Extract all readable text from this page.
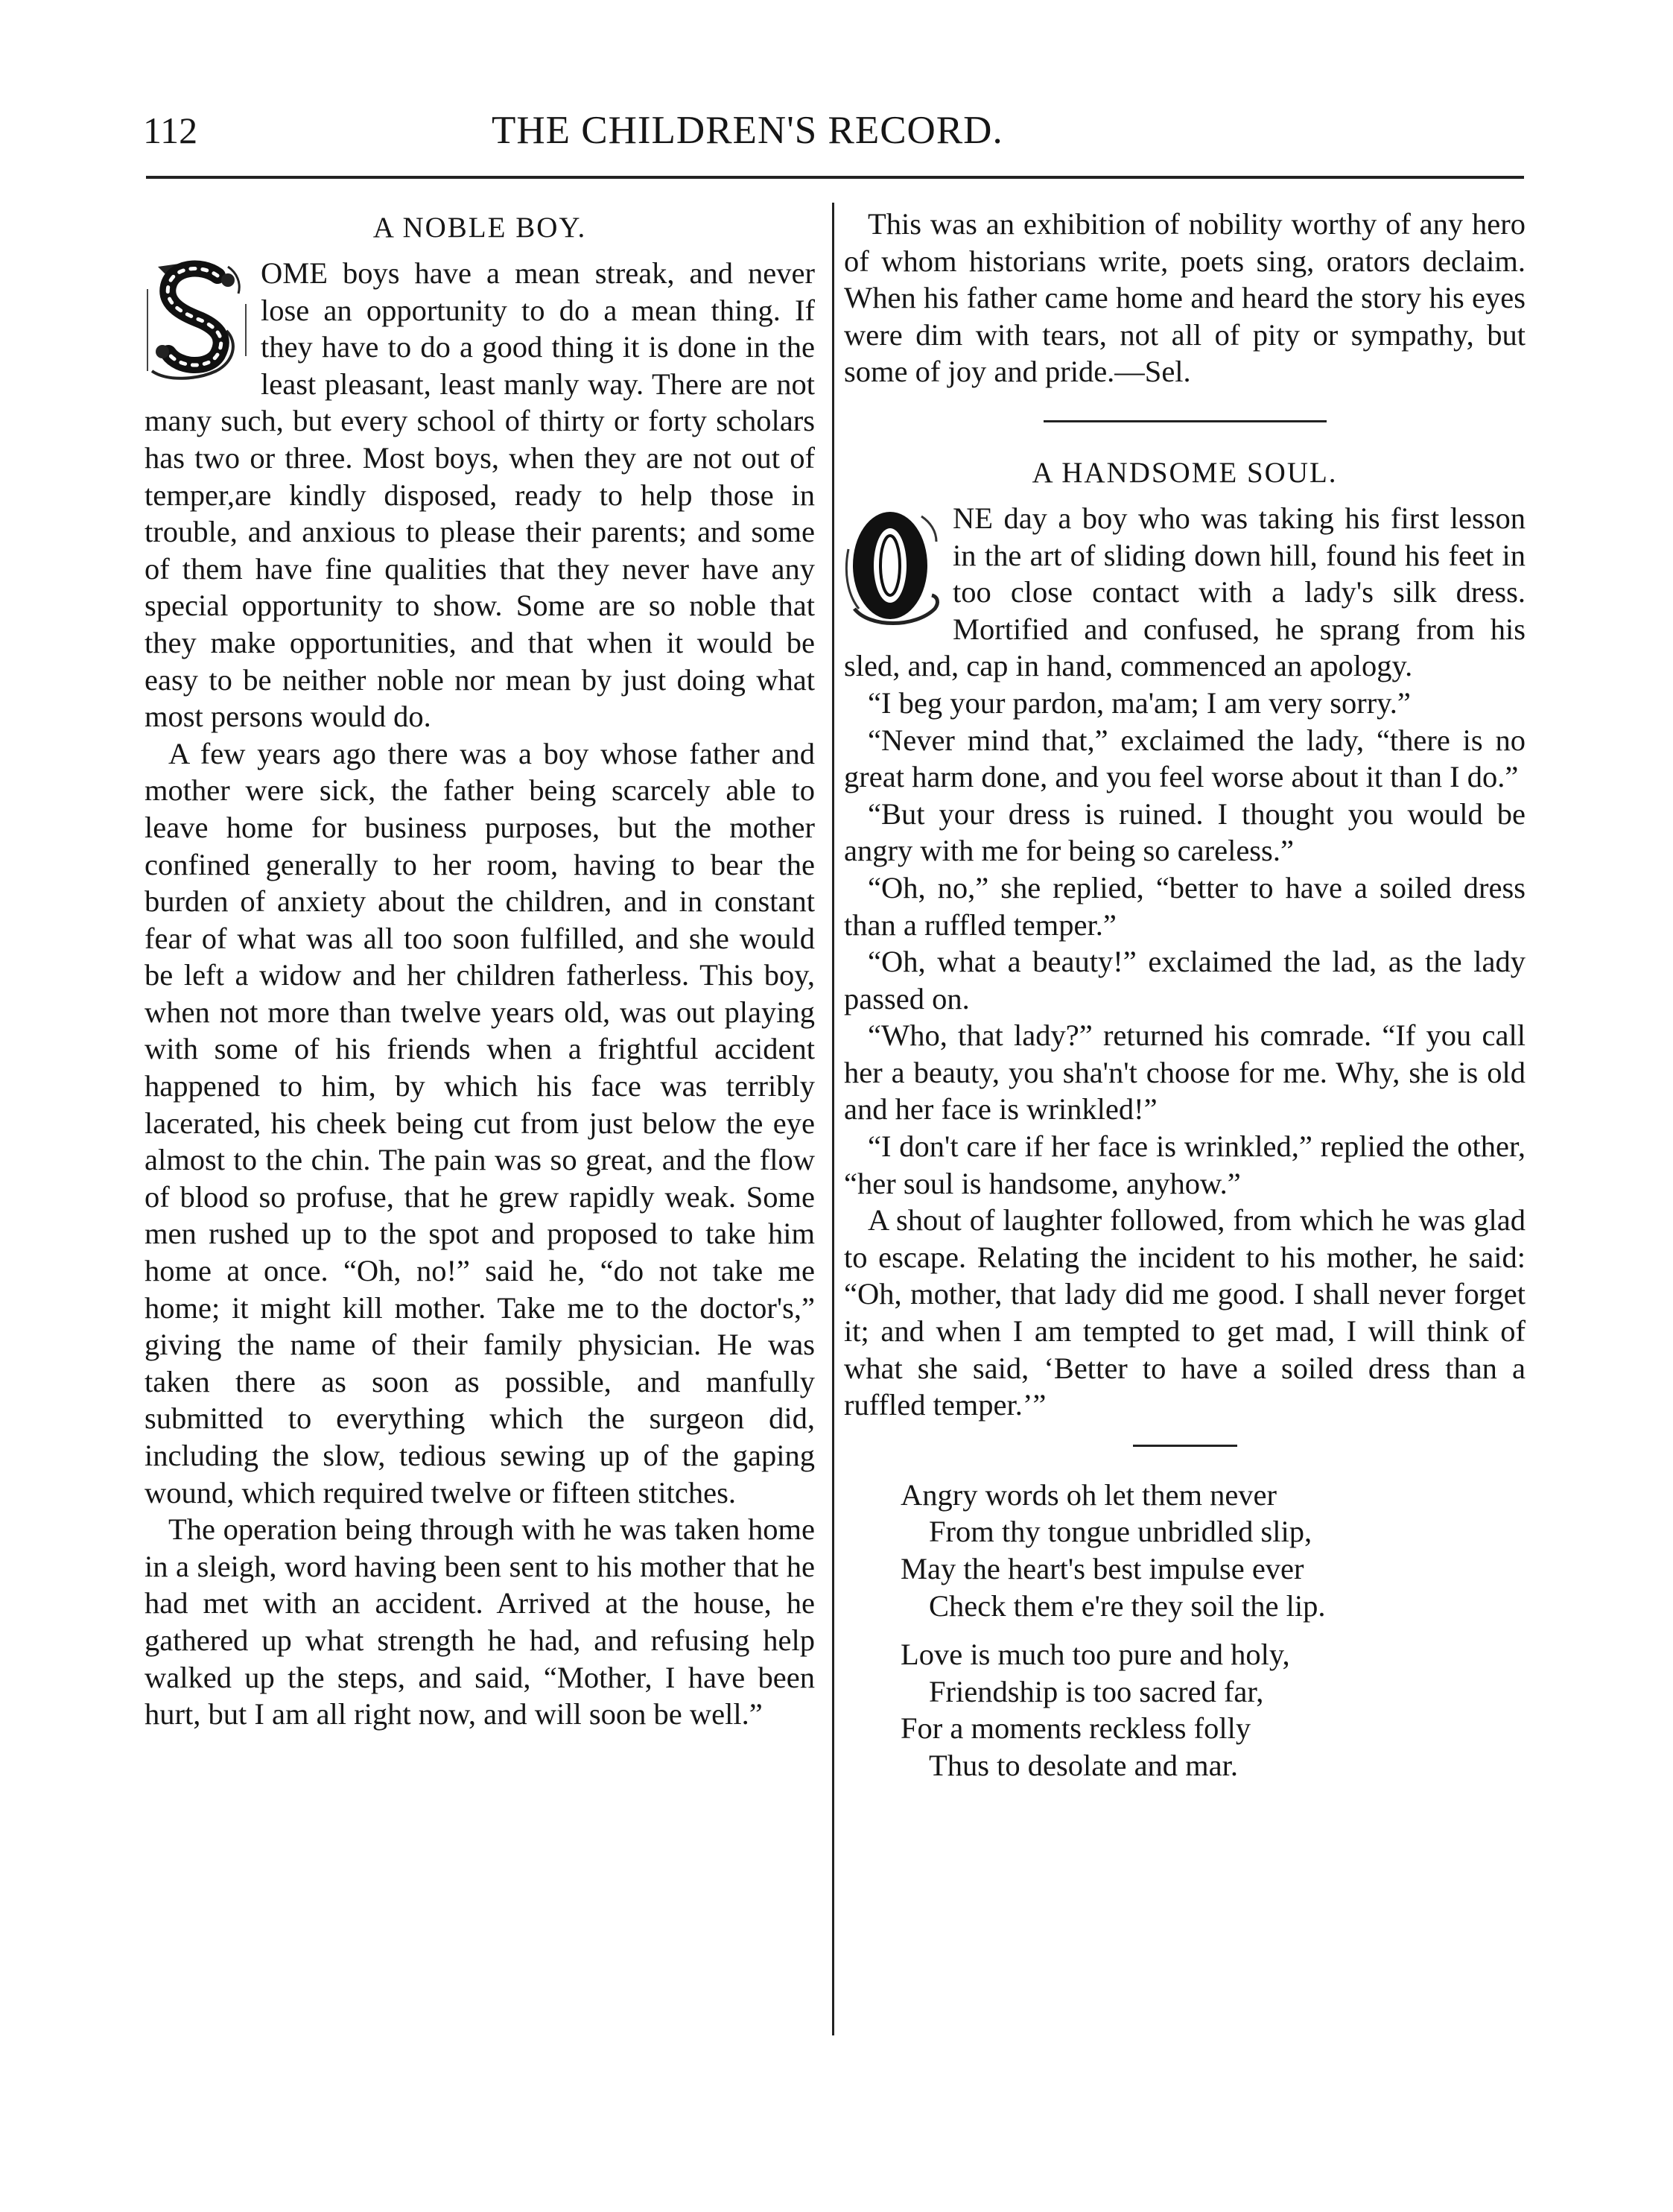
112	THE CHILDREN'S RECORD.
A NOBLE BOY.

OME boys have a mean streak, and never lose an opportunity to do a mean thing. If they have to do a good thing it is done in the least pleasant, least manly way. There are not many such, but every school of thirty or forty scholars has two or three. Most boys, when they are not out of temper,are kindly disposed, ready to help those in trouble, and anxious to please their parents; and some of them have fine qualities that they never have any special opportunity to show. Some are so noble that they make opportunities, and that when it would be easy to be neither noble nor mean by just doing what most persons would do.

A few years ago there was a boy whose father and mother were sick, the father being scarcely able to leave home for business purposes, but the mother confined generally to her room, having to bear the burden of anxiety about the children, and in constant fear of what was all too soon fulfilled, and she would be left a widow and her children fatherless. This boy, when not more than twelve years old, was out playing with some of his friends when a frightful accident happened to him, by which his face was terribly lacerated, his cheek being cut from just below the eye almost to the chin. The pain was so great, and the flow of blood so profuse, that he grew rapidly weak. Some men rushed up to the spot and proposed to take him home at once. “Oh, no!” said he, “do not take me home; it might kill mother. Take me to the doctor's,” giving the name of their family physician. He was taken there as soon as possible, and manfully submitted to everything which the surgeon did, including the slow, tedious sewing up of the gaping wound, which required twelve or fifteen stitches.

The operation being through with he was taken home in a sleigh, word having been sent to his mother that he had met with an accident. Arrived at the house, he gathered up what strength he had, and refusing help walked up the steps, and said, “Mother, I have been hurt, but I am all right now, and will soon be well.”

This was an exhibition of nobility worthy of any hero of whom historians write, poets sing, orators declaim. When his father came home and heard the story his eyes were dim with tears, not all of pity or sympathy, but some of joy and pride.—Sel.

A HANDSOME SOUL.

NE day a boy who was taking his first lesson in the art of sliding down hill, found his feet in too close contact with a lady's silk dress. Mortified and confused, he sprang from his sled, and, cap in hand, commenced an apology.

“I beg your pardon, ma'am; I am very sorry.”

“Never mind that,” exclaimed the lady, “there is no great harm done, and you feel worse about it than I do.”

“But your dress is ruined. I thought you would be angry with me for being so careless.”

“Oh, no,” she replied, “better to have a soiled dress than a ruffled temper.”

“Oh, what a beauty!” exclaimed the lad, as the lady passed on.

“Who, that lady?” returned his comrade. “If you call her a beauty, you sha'n't choose for me. Why, she is old and her face is wrinkled!”

“I don't care if her face is wrinkled,” replied the other, “her soul is handsome, anyhow.”

A shout of laughter followed, from which he was glad to escape. Relating the incident to his mother, he said: “Oh, mother, that lady did me good. I shall never forget it; and when I am tempted to get mad, I will think of what she said, ‘Better to have a soiled dress than a ruffled temper.’”

Angry words oh let them never
From thy tongue unbridled slip,
May the heart's best impulse ever
Check them e're they soil the lip.
Love is much too pure and holy,
Friendship is too sacred far,
For a moments reckless folly
Thus to desolate and mar.
